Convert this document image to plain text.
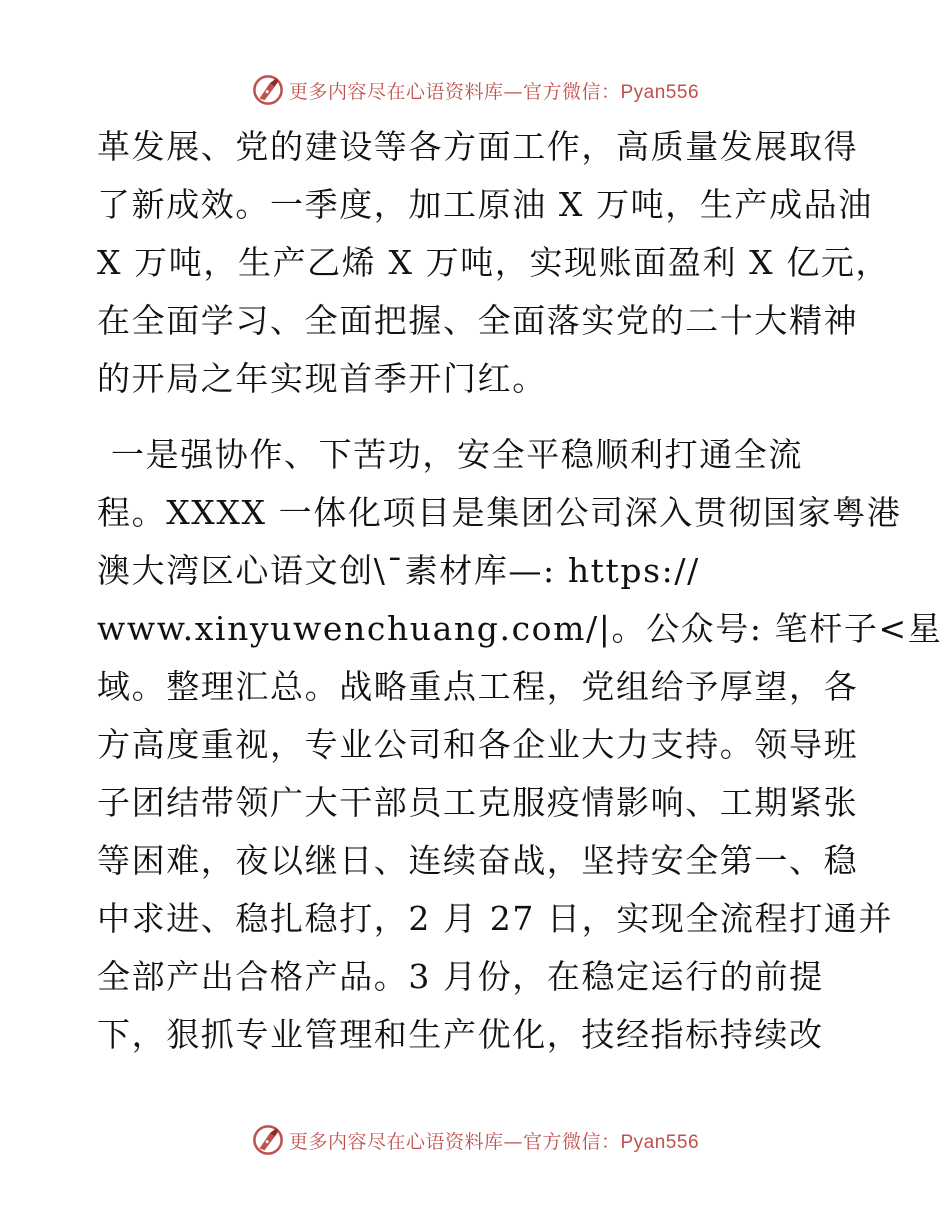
更多内容尽在心语资料库—官方微信：Pyan556
革发展、党的建设等各方面工作，高质量发展取得
了新成效。一季度，加工原油 X 万吨，生产成品油
X 万吨，生产乙烯 X 万吨，实现账面盈利 X 亿元，
在全面学习、全面把握、全面落实党的二十大精神
的开局之年实现首季开门红。
一是强协作、下苦功，安全平稳顺利打通全流
程。XXXX 一体化项目是集团公司深入贯彻国家粤港
澳大湾区心语文创\¯素材库—: https://
www.xinyuwenchuang.com/|。公众号: 笔杆子<星
域。整理汇总。战略重点工程，党组给予厚望，各
方高度重视，专业公司和各企业大力支持。领导班
子团结带领广大干部员工克服疫情影响、工期紧张
等困难，夜以继日、连续奋战，坚持安全第一、稳
中求进、稳扎稳打，2 月 27 日，实现全流程打通并
全部产出合格产品。3 月份，在稳定运行的前提
下，狠抓专业管理和生产优化，技经指标持续改
更多内容尽在心语资料库—官方微信：Pyan556
